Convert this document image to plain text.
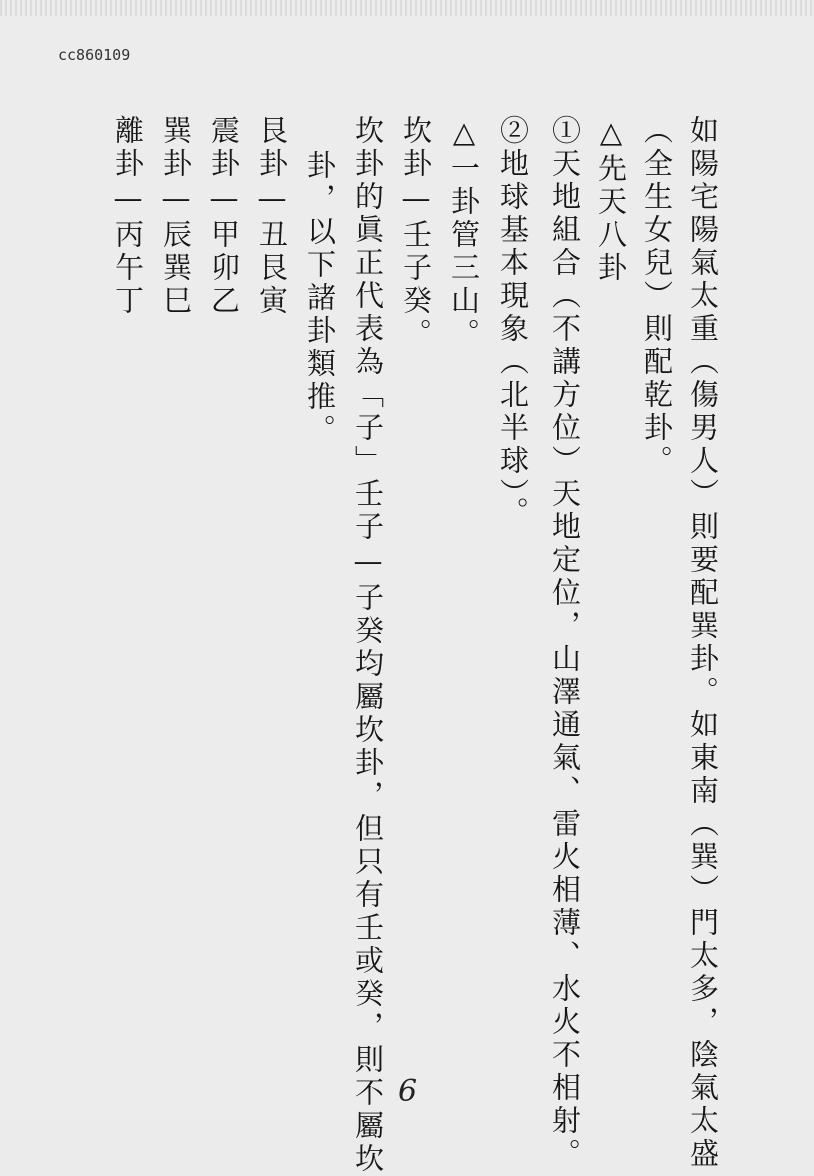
cc860109
如陽宅陽氣太重（傷男人）則要配巽卦。如東南（巽）門太多，陰氣太盛
（全生女兒）則配乾卦。
△先天八卦
①天地組合（不講方位）天地定位，山澤通氣、雷火相薄、水火不相射。
②地球基本現象（北半球）。
△一卦管三山。
坎卦—壬子癸。
坎卦的眞正代表為「子」壬子—子癸均屬坎卦，但只有壬或癸，則不屬坎
卦，以下諸卦類推。
艮卦—丑艮寅
震卦—甲卯乙
巽卦—辰巽巳
離卦—丙午丁
6
